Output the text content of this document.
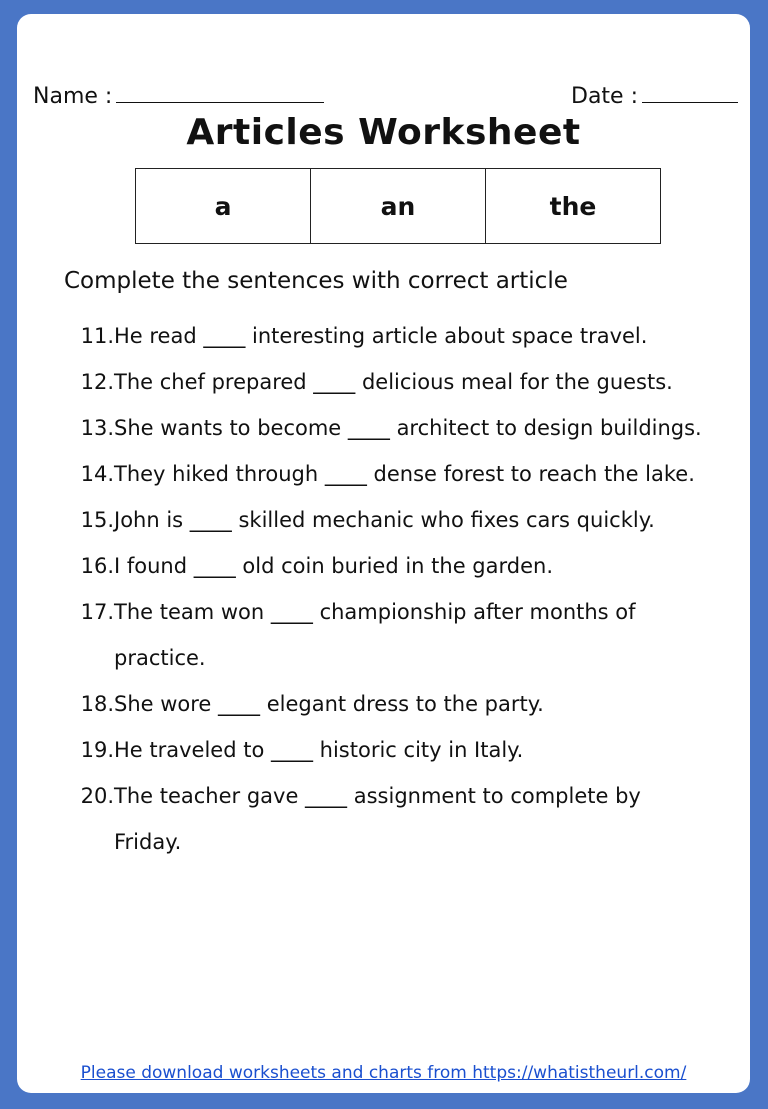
Name :	Date :
Articles Worksheet
a	an	the
Complete the sentences with correct article
11. He read ____ interesting article about space travel.
12. The chef prepared ____ delicious meal for the guests.
13. She wants to become ____ architect to design buildings.
14. They hiked through ____ dense forest to reach the lake.
15. John is ____ skilled mechanic who fixes cars quickly.
16. I found ____ old coin buried in the garden.
17. The team won ____ championship after months of practice.
18. She wore ____ elegant dress to the party.
19. He traveled to ____ historic city in Italy.
20. The teacher gave ____ assignment to complete by Friday.
Please download worksheets and charts from https://whatistheurl.com/
